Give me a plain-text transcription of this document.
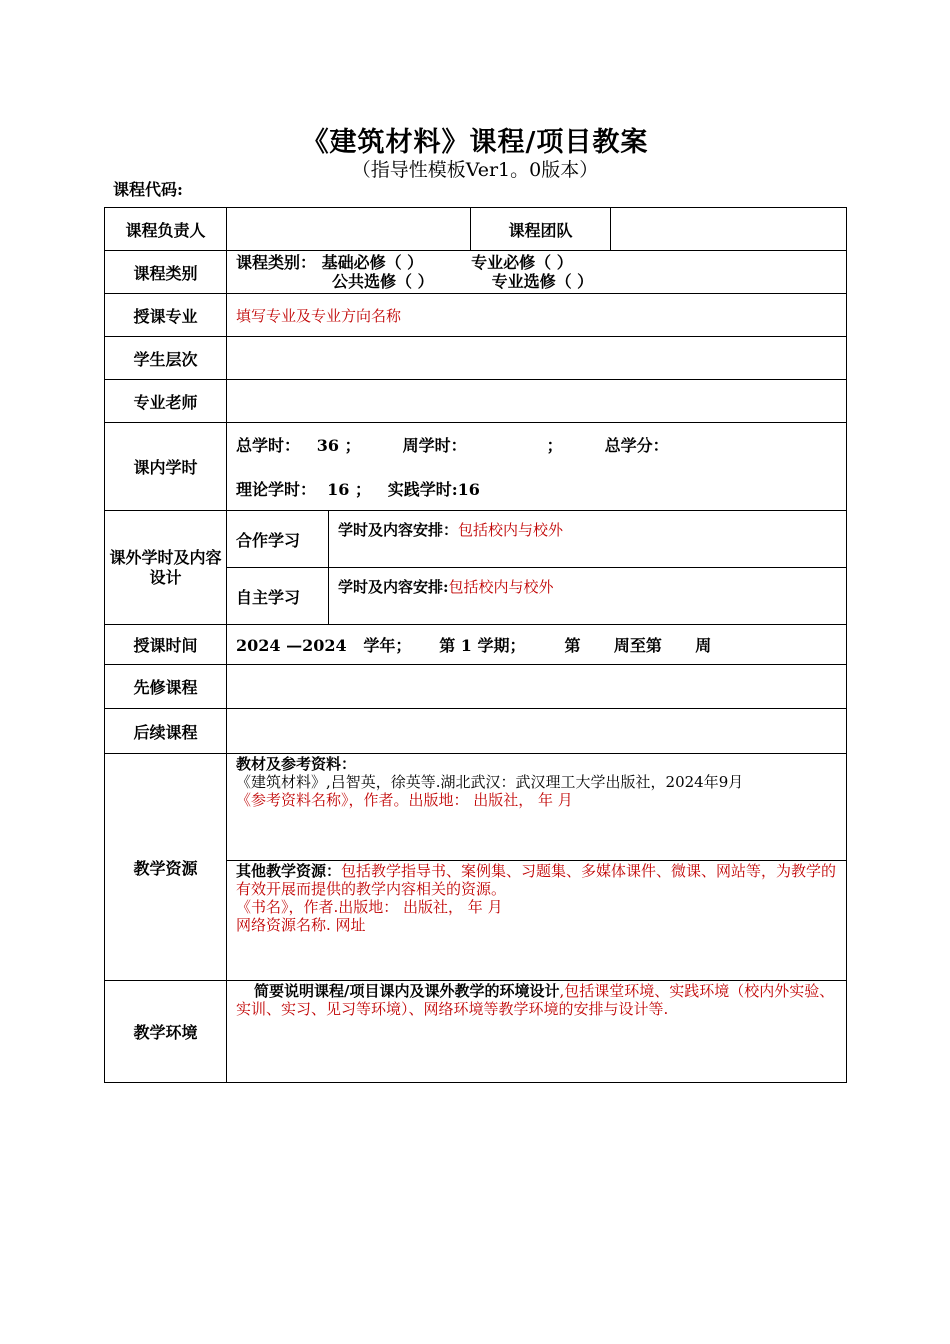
《建筑材料》课程/项目教案
（指导性模板Ver1。0版本）
课程代码:
课程负责人			课程团队	
课程类别	课程类别： 基础必修（ ） 专业必修（ ）
公共选修（ ） 专业选修（ ）			

授课专业	填写专业及专业方向名称			
学生层次				
专业老师				
课内学时	总学时： 36 ； 周学时： ； 总学分：			
	理论学时： 16 ； 实践学时:16			
课外学时及内容设计	合作学习	学时及内容安排：包括校内与校外		
	自主学习	学时及内容安排:包括校内与校外		
授课时间	2024 —2024   学年；     第 1 学期；       第      周至第      周			
先修课程				
后续课程				
教学资源	教材及参考资料：
《建筑材料》,吕智英，徐英等.湖北武汉：武汉理工大学出版社，2024年9月
《参考资料名称》，作者。出版地： 出版社， 年 月			

	其他教学资源：包括教学指导书、案例集、习题集、多媒体课件、微课、网站等，为教学的有效开展而提供的教学内容相关的资源。
《书名》，作者.出版地： 出版社， 年 月
网络资源名称. 网址			

教学环境	简要说明课程/项目课内及课外教学的环境设计,包括课堂环境、实践环境（校内外实验、实训、实习、见习等环境）、网络环境等教学环境的安排与设计等.			
